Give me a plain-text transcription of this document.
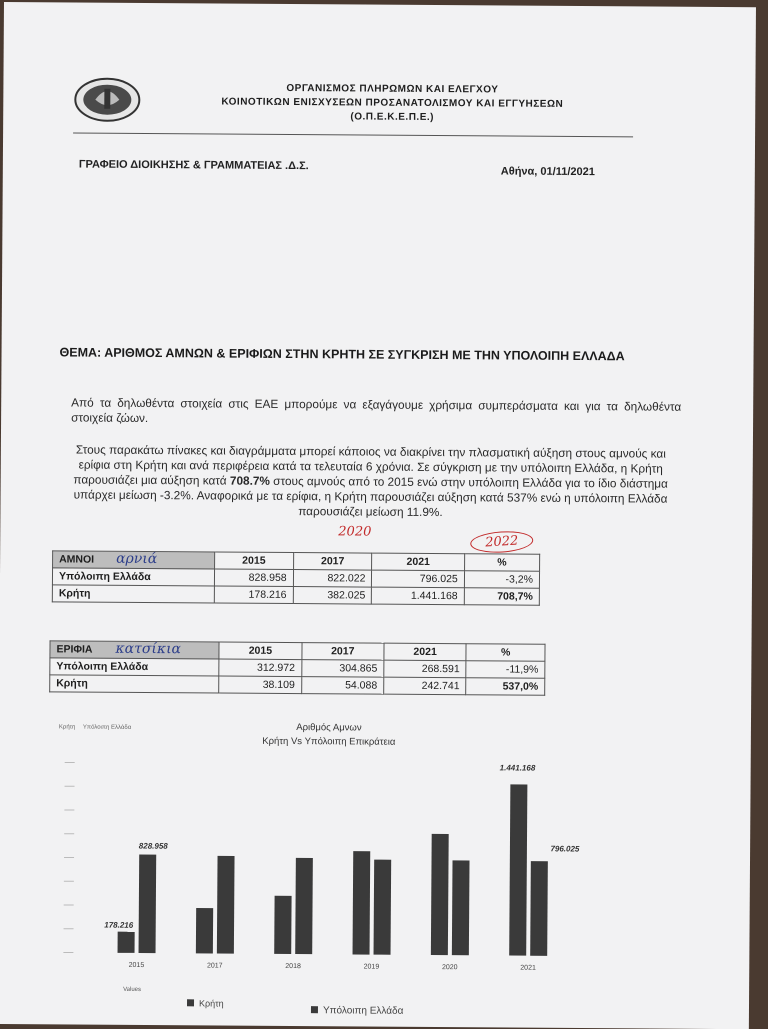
ΟΡΓΑΝΙΣΜΟΣ ΠΛΗΡΩΜΩΝ ΚΑΙ ΕΛΕΓΧΟΥ
ΚΟΙΝΟΤΙΚΩΝ ΕΝΙΣΧΥΣΕΩΝ ΠΡΟΣΑΝΑΤΟΛΙΣΜΟΥ ΚΑΙ ΕΓΓΥΗΣΕΩΝ
(Ο.Π.Ε.Κ.Ε.Π.Ε.)
ΓΡΑΦΕΙΟ ΔΙΟΙΚΗΣΗΣ & ΓΡΑΜΜΑΤΕΙΑΣ .Δ.Σ.	Αθήνα, 01/11/2021
ΘΕΜΑ: ΑΡΙΘΜΟΣ ΑΜΝΩΝ & ΕΡΙΦΙΩΝ ΣΤΗΝ ΚΡΗΤΗ ΣΕ ΣΥΓΚΡΙΣΗ ΜΕ ΤΗΝ ΥΠΟΛΟΙΠΗ ΕΛΛΑΔΑ
Από τα δηλωθέντα στοιχεία στις ΕΑΕ μπορούμε να εξαγάγουμε χρήσιμα συμπεράσματα και για τα δηλωθέντα στοιχεία ζώων.
Στους παρακάτω πίνακες και διαγράμματα μπορεί κάποιος να διακρίνει την πλασματική αύξηση στους αμνούς και ερίφια στη Κρήτη και ανά περιφέρεια κατά τα τελευταία 6 χρόνια. Σε σύγκριση με την υπόλοιπη Ελλάδα, η Κρήτη παρουσιάζει μια αύξηση κατά 708.7% στους αμνούς από το 2015 ενώ στην υπόλοιπη Ελλάδα για το ίδιο διάστημα υπάρχει μείωση -3.2%. Αναφορικά με τα ερίφια, η Κρήτη παρουσιάζει αύξηση κατά 537% ενώ η υπόλοιπη Ελλάδα παρουσιάζει μείωση 11.9%.
2020
2022
ΑΜΝΟΙ	2015	2017	2021	%
Υπόλοιπη Ελλάδα	828.958	822.022	796.025	-3,2%
Κρήτη	178.216	382.025	1.441.168	708,7%
αρνιά
ΕΡΙΦΙΑ	2015	2017	2021	%
Υπόλοιπη Ελλάδα	312.972	304.865	268.591	-11,9%
Κρήτη	38.109	54.088	242.741	537,0%
κατσίκια
Αριθμός Αμνων
Κρήτη Vs Υπόλοιπη Επικράτεια
2015	2017	2018	2019	2020	2021
178.216
828.958
1.441.168
796.025
Κρήτη Υπόλοιπη Ελλάδα
Values
Κρήτη
Υπόλοιπη Ελλάδα
